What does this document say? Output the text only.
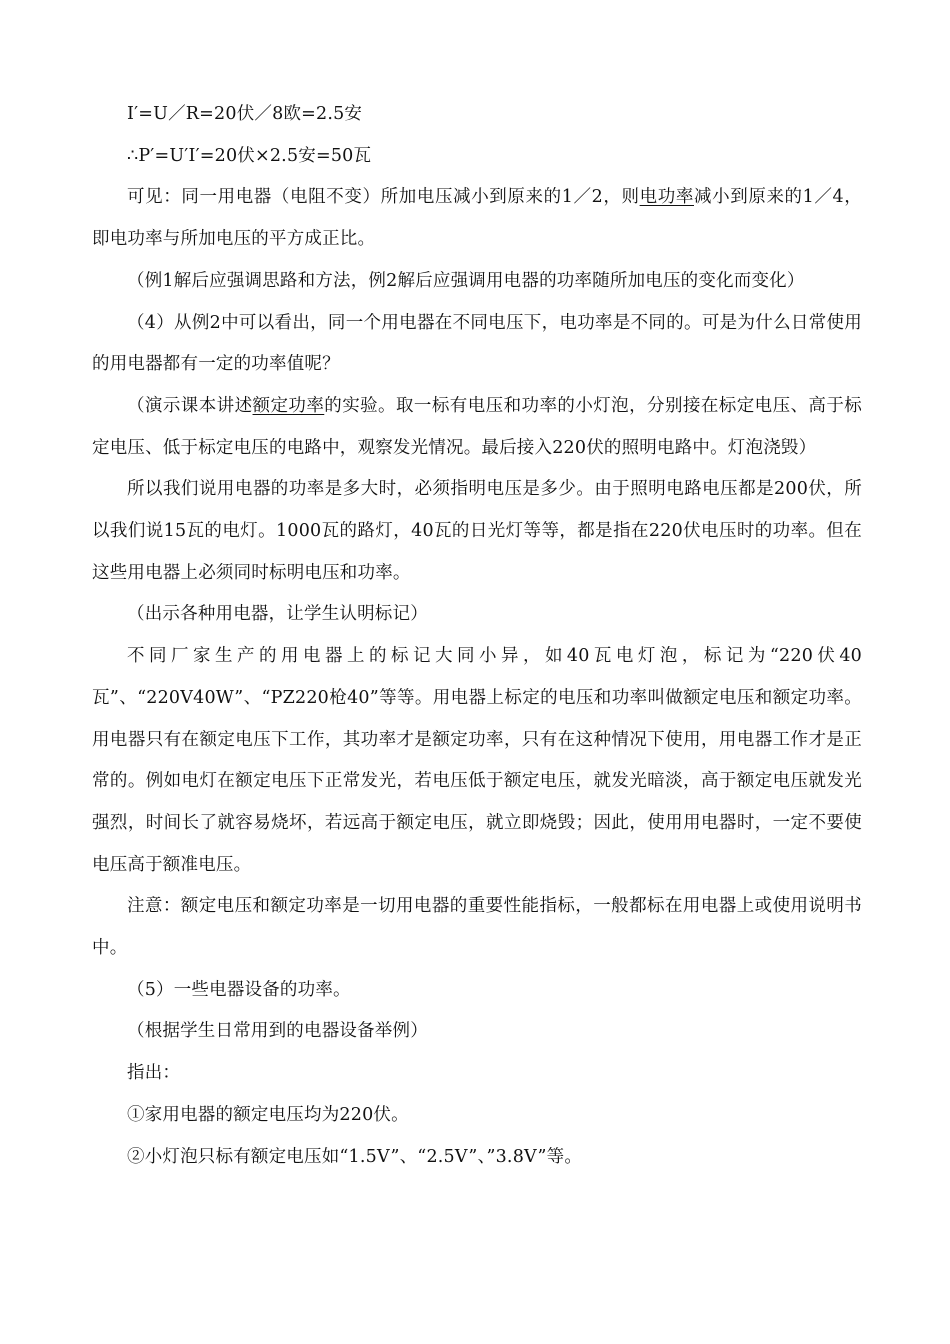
I′=U／R=20伏／8欧=2.5安

∴P′=U′I′=20伏×2.5安=50瓦

可见：同一用电器（电阻不变）所加电压减小到原来的1／2，则电功率减小到原来的1／4，即电功率与所加电压的平方成正比。

（例1解后应强调思路和方法，例2解后应强调用电器的功率随所加电压的变化而变化）

（4）从例2中可以看出，同一个用电器在不同电压下，电功率是不同的。可是为什么日常使用的用电器都有一定的功率值呢？

（演示课本讲述额定功率的实验。取一标有电压和功率的小灯泡，分别接在标定电压、高于标定电压、低于标定电压的电路中，观察发光情况。最后接入220伏的照明电路中。灯泡浇毁）

所以我们说用电器的功率是多大时，必须指明电压是多少。由于照明电路电压都是200伏，所以我们说15瓦的电灯。1000瓦的路灯，40瓦的日光灯等等，都是指在220伏电压时的功率。但在这些用电器上必须同时标明电压和功率。

（出示各种用电器，让学生认明标记）

不同厂家生产的用电器上的标记大同小异，如40瓦电灯泡，标记为“220伏40瓦”、“220V40W”、“PZ220枪40”等等。用电器上标定的电压和功率叫做额定电压和额定功率。用电器只有在额定电压下工作，其功率才是额定功率，只有在这种情况下使用，用电器工作才是正常的。例如电灯在额定电压下正常发光，若电压低于额定电压，就发光暗淡，高于额定电压就发光强烈，时间长了就容易烧坏，若远高于额定电压，就立即烧毁；因此，使用用电器时，一定不要使电压高于额准电压。

注意：额定电压和额定功率是一切用电器的重要性能指标，一般都标在用电器上或使用说明书中。

（5）一些电器设备的功率。

（根据学生日常用到的电器设备举例）

指出：

①家用电器的额定电压均为220伏。

②小灯泡只标有额定电压如“1.5V”、“2.5V”、”3.8V”等。
